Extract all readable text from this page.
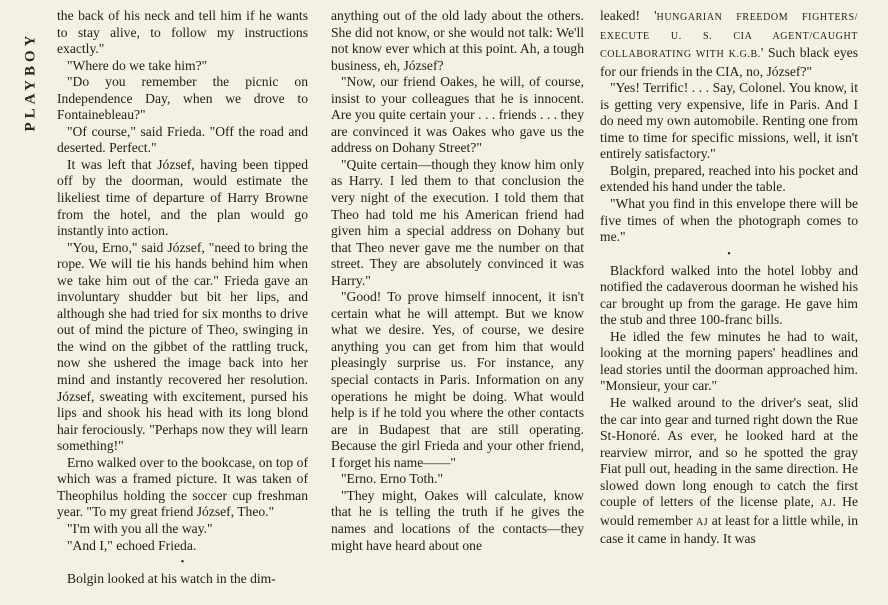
PLAYBOY

the back of his neck and tell him if he wants to stay alive, to follow my instructions exactly."

"Where do we take him?"

"Do you remember the picnic on Independence Day, when we drove to Fontainebleau?"

"Of course," said Frieda. "Off the road and deserted. Perfect."

It was left that József, having been tipped off by the doorman, would estimate the likeliest time of departure of Harry Browne from the hotel, and the plan would go instantly into action.

"You, Erno," said József, "need to bring the rope. We will tie his hands behind him when we take him out of the car." Frieda gave an involuntary shudder but bit her lips, and although she had tried for six months to drive out of mind the picture of Theo, swinging in the wind on the gibbet of the rattling truck, now she ushered the image back into her mind and instantly recovered her resolution. József, sweating with excitement, pursed his lips and shook his head with its long blond hair ferociously. "Perhaps now they will learn something!"

Erno walked over to the bookcase, on top of which was a framed picture. It was taken of Theophilus holding the soccer cup freshman year. "To my great friend József, Theo."

"I'm with you all the way."

"And I," echoed Frieda.

•

Bolgin looked at his watch in the dim-

anything out of the old lady about the others. She did not know, or she would not talk: We'll not know ever which at this point. Ah, a tough business, eh, József?

"Now, our friend Oakes, he will, of course, insist to your colleagues that he is innocent. Are you quite certain your . . . friends . . . they are convinced it was Oakes who gave us the address on Dohany Street?"

"Quite certain—though they know him only as Harry. I led them to that conclusion the very night of the execution. I told them that Theo had told me his American friend had given him a special address on Dohany but that Theo never gave me the number on that street. They are absolutely convinced it was Harry."

"Good! To prove himself innocent, it isn't certain what he will attempt. But we know what we desire. Yes, of course, we desire anything you can get from him that would pleasingly surprise us. For instance, any special contacts in Paris. Information on any operations he might be doing. What would help is if he told you where the other contacts are in Budapest that are still operating. Because the girl Frieda and your other friend, I forget his name——"

"Erno. Erno Toth."

"They might, Oakes will calculate, know that he is telling the truth if he gives the names and locations of the contacts—they might have heard about one

leaked! 'HUNGARIAN FREEDOM FIGHTERS/ EXECUTE U. S. CIA AGENT/CAUGHT COLLABORATING WITH K.G.B.' Such black eyes for our friends in the CIA, no, József?"

"Yes! Terrific! . . . Say, Colonel. You know, it is getting very expensive, life in Paris. And I do need my own automobile. Renting one from time to time for specific missions, well, it isn't entirely satisfactory."

Bolgin, prepared, reached into his pocket and extended his hand under the table.

"What you find in this envelope there will be five times of when the photograph comes to me."

•

Blackford walked into the hotel lobby and notified the cadaverous doorman he wished his car brought up from the garage. He gave him the stub and three 100-franc bills.

He idled the few minutes he had to wait, looking at the morning papers' headlines and lead stories until the doorman approached him. "Monsieur, your car."

He walked around to the driver's seat, slid the car into gear and turned right down the Rue St-Honoré. As ever, he looked hard at the rearview mirror, and so he spotted the gray Fiat pull out, heading in the same direction. He slowed down long enough to catch the first couple of letters of the license plate, AJ. He would remember AJ at least for a little while, in case it came in handy. It was
